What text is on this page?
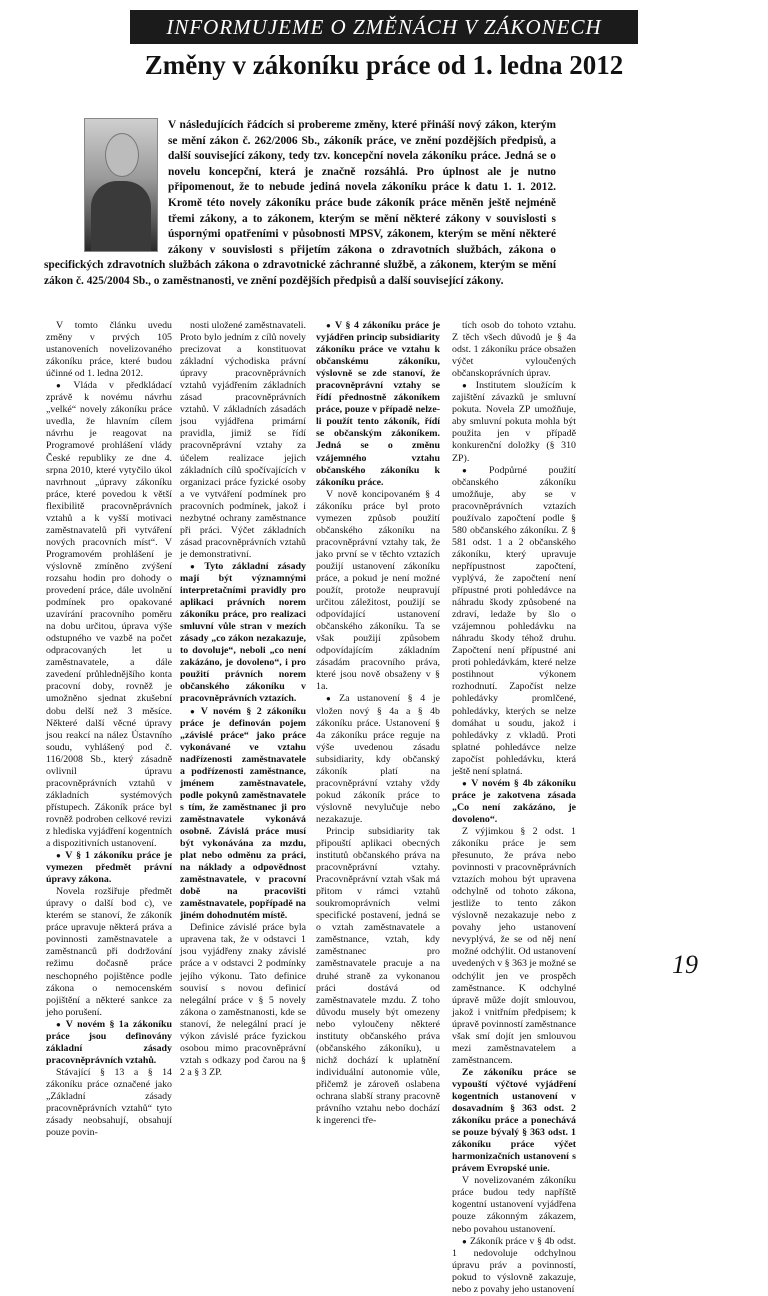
INFORMUJEME O ZMĚNÁCH V ZÁKONECH
Změny v zákoníku práce od 1. ledna 2012
V následujících řádcích si probereme změny, které přináší nový zákon, kterým se mění zákon č. 262/2006 Sb., zákoník práce, ve znění pozdějších předpisů, a další související zákony, tedy tzv. koncepční novela zákoníku práce. Jedná se o novelu koncepční, která je značně rozsáhlá. Pro úplnost ale je nutno připomenout, že to nebude jediná novela zákoníku práce k datu 1. 1. 2012. Kromě této novely zákoníku práce bude zákoník práce měněn ještě nejméně třemi zákony, a to zákonem, kterým se mění některé zákony v souvislosti s úspornými opatřeními v působnosti MPSV, zákonem, kterým se mění některé zákony v souvislosti s přijetím zákona o zdravotních službách, zákona o specifických zdravotních službách zákona o zdravotnické záchranné službě, a zákonem, kterým se mění zákon č. 425/2004 Sb., o zaměstnanosti, ve znění pozdějších předpisů a další související zákony.

V tomto článku uvedu změny v prvých 105 ustanoveních novelizovaného zákoníku práce, které budou účinné od 1. ledna 2012.

● Vláda v předkládací zprávě k novému návrhu „velké“ novely zákoníku práce uvedla, že hlavním cílem návrhu je reagovat na Programové prohlášení vlády České republiky ze dne 4. srpna 2010, které vytyčilo úkol navrhnout „úpravy zákoníku práce, které povedou k větší flexibilitě pracovněprávních vztahů a k vyšší motivaci zaměstnavatelů při vytváření nových pracovních míst“. V Programovém prohlášení je výslovně zmíněno zvýšení rozsahu hodin pro dohody o provedení práce, dále uvolnění podmínek pro opakované uzavírání pracovního poměru na dobu určitou, úprava výše odstupného ve vazbě na počet odpracovaných let u zaměstnavatele, a dále zavedení průhlednějšího konta pracovní doby, rovněž je umožněno sjednat zkušební dobu delší než 3 měsíce. Některé další věcné úpravy jsou reakcí na nález Ústavního soudu, vyhlášený pod č. 116/2008 Sb., který zásadně ovlivnil úpravu pracovněprávních vztahů v základních systémových přístupech. Zákoník práce byl rovněž podroben celkové revizi z hlediska vyjádření kogentních a dispozitivních ustanovení.

● V § 1 zákoníku práce je vymezen předmět právní úpravy zákona.

Novela rozšiřuje předmět úpravy o další bod c), ve kterém se stanoví, že zákoník práce upravuje některá práva a povinnosti zaměstnavatele a zaměstnanců při dodržování režimu dočasně práce neschopného pojištěnce podle zákona o nemocenském pojištění a některé sankce za jeho porušení.

● V novém § 1a zákoníku práce jsou definovány základní zásady pracovněprávních vztahů.

Stávající § 13 a § 14 zákoníku práce označené jako „Základní zásady pracovněprávních vztahů“ tyto zásady neobsahují, obsahují pouze povin-

nosti uložené zaměstnavateli. Proto bylo jedním z cílů novely precizovat a konstituovat základní východiska právní úpravy pracovněprávních vztahů vyjádřením základních zásad pracovněprávních vztahů. V základních zásadách jsou vyjádřena primární pravidla, jimiž se řídí pracovněprávní vztahy za účelem realizace jejich základních cílů spočívajících v organizaci práce fyzické osoby a ve vytváření podmínek pro pracovních podmínek, jakož i nezbytné ochrany zaměstnance při práci. Výčet základních zásad pracovněprávních vztahů je demonstrativní.

● Tyto základní zásady mají být významnými interpretačními pravidly pro aplikaci právních norem zákoníku práce, pro realizaci smluvní vůle stran v mezích zásady „co zákon nezakazuje, to dovoluje“, neboli „co není zakázáno, je dovoleno“, i pro použití právních norem občanského zákoníku v pracovněprávních vztazích.

● V novém § 2 zákoníku práce je definován pojem „závislé práce“ jako práce vykonávané ve vztahu nadřízenosti zaměstnavatele a podřízenosti zaměstnance, jménem zaměstnavatele, podle pokynů zaměstnavatele s tím, že zaměstnanec ji pro zaměstnavatele vykonává osobně. Závislá práce musí být vykonávána za mzdu, plat nebo odměnu za práci, na náklady a odpovědnost zaměstnavatele, v pracovní době na pracovišti zaměstnavatele, popřípadě na jiném dohodnutém místě.

Definice závislé práce byla upravena tak, že v odstavci 1 jsou vyjádřeny znaky závislé práce a v odstavci 2 podmínky jejího výkonu. Tato definice souvisí s novou definicí nelegální práce v § 5 novely zákona o zaměstnanosti, kde se stanoví, že nelegální prací je výkon závislé práce fyzickou osobou mimo pracovněprávní vztah s odkazy pod čarou na § 2 a § 3 ZP.

● V § 4 zákoníku práce je vyjádřen princip subsidiarity zákoníku práce ve vztahu k občanskému zákoníku, výslovně se zde stanoví, že pracovněprávní vztahy se řídí přednostně zákoníkem práce, pouze v případě nelze-li použít tento zákoník, řídí se občanským zákoníkem. Jedná se o změnu vzájemného vztahu občanského zákoníku k zákoníku práce.

V nově koncipovaném § 4 zákoníku práce byl proto vymezen způsob použití občanského zákoníku na pracovněprávní vztahy tak, že jako první se v těchto vztazích použijí ustanovení zákoníku práce, a pokud je není možné použít, protože neupravují určitou záležitost, použijí se odpovídající ustanovení občanského zákoníku. Ta se však použijí způsobem odpovídajícím základním zásadám pracovního práva, které jsou nově obsaženy v § 1a.

● Za ustanovení § 4 je vložen nový § 4a a § 4b zákoníku práce. Ustanovení § 4a zákoníku práce reguje na výše uvedenou zásadu subsidiarity, kdy občanský zákoník platí na pracovněprávní vztahy vždy pokud zákoník práce to výslovně nevylučuje nebo nezakazuje.

Princip subsidiarity tak připouští aplikaci obecných institutů občanského práva na pracovněprávní vztahy. Pracovněprávní vztah však má přitom v rámci vztahů soukromoprávních velmi specifické postavení, jedná se o vztah zaměstnavatele a zaměstnance, vztah, kdy zaměstnanec pro zaměstnavatele pracuje a na druhé straně za vykonanou práci dostává od zaměstnavatele mzdu. Z toho důvodu musely být omezeny nebo vyloučeny některé instituty občanského práva (občanského zákoníku), u nichž dochází k uplatnění individuální autonomie vůle, přičemž je zároveň oslabena ochrana slabší strany pracovně právního vztahu nebo dochází k ingerenci tře-

tích osob do tohoto vztahu. Z těch všech důvodů je § 4a odst. 1 zákoníku práce obsažen výčet vyloučených občanskoprávních úprav.

● Institutem sloužícím k zajištění závazků je smluvní pokuta. Novela ZP umožňuje, aby smluvní pokuta mohla být použita jen v případě konkurenční doložky (§ 310 ZP).

● Podpůrné použití občanského zákoníku umožňuje, aby se v pracovněprávních vztazích používalo započtení podle § 580 občanského zákoníku. Z § 581 odst. 1 a 2 občanského zákoníku, který upravuje nepřípustnost započtení, vyplývá, že započtení není přípustné proti pohledávce na náhradu škody způsobené na zdraví, ledaže by šlo o vzájemnou pohledávku na náhradu škody téhož druhu. Započtení není přípustné ani proti pohledávkám, které nelze postihnout výkonem rozhodnutí. Započíst nelze pohledávky promlčené, pohledávky, kterých se nelze domáhat u soudu, jakož i pohledávky z vkladů. Proti splatné pohledávce nelze započíst pohledávku, která ještě není splatná.

● V novém § 4b zákoníku práce je zakotvena zásada „Co není zakázáno, je dovoleno“.

Z výjimkou § 2 odst. 1 zákoníku práce je sem přesunuto, že práva nebo povinnosti v pracovněprávních vztazích mohou být upravena odchylně od tohoto zákona, jestliže to tento zákon výslovně nezakazuje nebo z povahy jeho ustanovení nevyplývá, že se od něj není možné odchýlit. Od ustanovení uvedených v § 363 je možné se odchýlit jen ve prospěch zaměstnance. K odchylné úpravě může dojít smlouvou, jakož i vnitřním předpisem; k úpravě povinností zaměstnance však smí dojít jen smlouvou mezi zaměstnavatelem a zaměstnancem.

Ze zákoníku práce se vypouští výčtové vyjádření kogentních ustanovení v dosavadním § 363 odst. 2 zákoníku práce a ponechává se pouze bývalý § 363 odst. 1 zákoníku práce výčet harmonizačních ustanovení s právem Evropské unie.

V novelizovaném zákoníku práce budou tedy napříště kogentní ustanovení vyjádřena pouze zákonným zákazem, nebo povahou ustanovení.

● Zákoník práce v § 4b odst. 1 nedovoluje odchylnou úpravu práv a povinností, pokud to výslovně zakazuje, nebo z povahy jeho ustanovení

19
